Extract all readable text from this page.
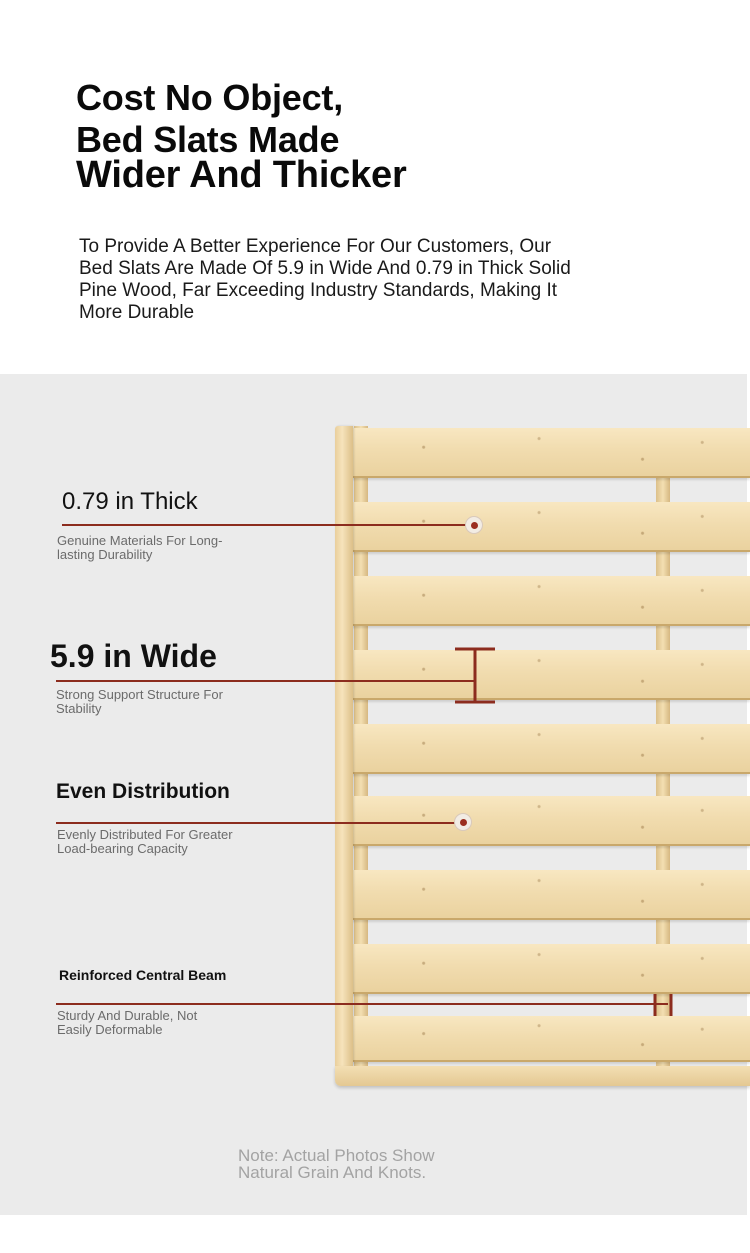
Cost No Object,
Bed Slats Made
Wider And Thicker

To Provide A Better Experience For Our Customers, Our Bed Slats Are Made Of 5.9 in Wide And 0.79 in Thick Solid Pine Wood, Far Exceeding Industry Standards, Making It More Durable

0.79 in Thick
Genuine Materials For Long-lasting Durability
5.9 in Wide
Strong Support Structure For Stability
Even Distribution
Evenly Distributed For Greater Load-bearing Capacity
Reinforced Central Beam
Sturdy And Durable, Not Easily Deformable
Note: Actual Photos Show
Natural Grain And Knots.
